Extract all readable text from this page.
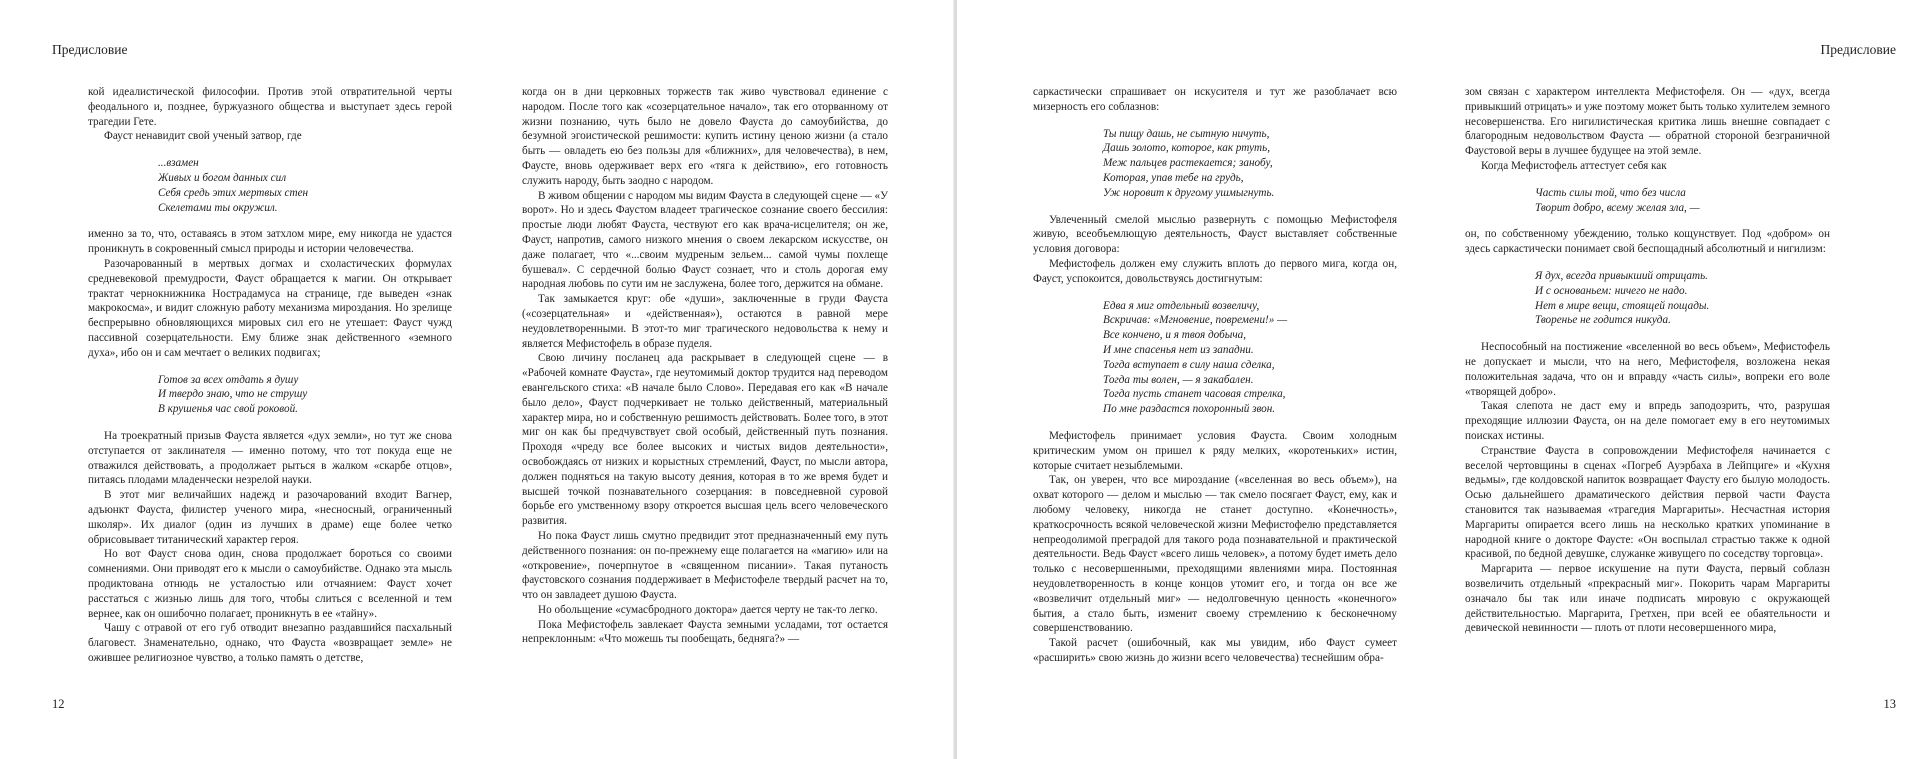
Предисловие

кой идеалистической философии. Против этой отвратительной черты феодального и, позднее, буржуазного общества и выступает здесь герой трагедии Гете.

Фауст ненавидит свой ученый затвор, где

...взамен
Живых и богом данных сил
Себя средь этих мертвых стен
Скелетами ты окружил.

именно за то, что, оставаясь в этом затхлом мире, ему никогда не удастся проникнуть в сокровенный смысл природы и истории человечества.

Разочарованный в мертвых догмах и схоластических формулах средневековой премудрости, Фауст обращается к магии. Он открывает трактат чернокнижника Нострадамуса на странице, где выведен «знак макрокосма», и видит сложную работу механизма мироздания. Но зрелище беспрерывно обновляющихся мировых сил его не утешает: Фауст чужд пассивной созерцательности. Ему ближе знак действенного «земного духа», ибо он и сам мечтает о великих подвигах;

Готов за всех отдать я душу
И твердо знаю, что не струшу
В крушенья час свой роковой.

На троекратный призыв Фауста является «дух земли», но тут же снова отступается от заклинателя — именно потому, что тот покуда еще не отважился действовать, а продолжает рыться в жалком «скарбе отцов», питаясь плодами младенчески незрелой науки.

В этот миг величайших надежд и разочарований входит Вагнер, адъюнкт Фауста, филистер ученого мира, «несносный, ограниченный школяр». Их диалог (один из лучших в драме) еще более четко обрисовывает титанический характер героя.

Но вот Фауст снова один, снова продолжает бороться со своими сомнениями. Они приводят его к мысли о самоубийстве. Однако эта мысль продиктована отнюдь не усталостью или отчаянием: Фауст хочет расстаться с жизнью лишь для того, чтобы слиться с вселенной и тем вернее, как он ошибочно полагает, проникнуть в ее «тайну».

Чашу с отравой от его губ отводит внезапно раздавшийся пасхальный благовест. Знаменательно, однако, что Фауста «возвращает земле» не ожившее религиозное чувство, а только память о детстве,

когда он в дни церковных торжеств так живо чувствовал единение с народом. После того как «созерцательное начало», так его оторванному от жизни познанию, чуть было не довело Фауста до самоубийства, до безумной эгоистической решимости: купить истину ценою жизни (а стало быть — овладеть ею без пользы для «ближних», для человечества), в нем, Фаусте, вновь одерживает верх его «тяга к действию», его готовность служить народу, быть заодно с народом.

В живом общении с народом мы видим Фауста в следующей сцене — «У ворот». Но и здесь Фаустом владеет трагическое сознание своего бессилия: простые люди любят Фауста, чествуют его как врача-исцелителя; он же, Фауст, напротив, самого низкого мнения о своем лекарском искусстве, он даже полагает, что «...своим мудреным зельем... самой чумы похлеще бушевал». С сердечной болью Фауст сознает, что и столь дорогая ему народная любовь по сути им не заслужена, более того, держится на обмане.

Так замыкается круг: обе «души», заключенные в груди Фауста («созерцательная» и «действенная»), остаются в равной мере неудовлетворенными. В этот-то миг трагического недовольства к нему и является Мефистофель в образе пуделя.

Свою личину посланец ада раскрывает в следующей сцене — в «Рабочей комнате Фауста», где неутомимый доктор трудится над переводом евангельского стиха: «В начале было Слово». Передавая его как «В начале было дело», Фауст подчеркивает не только действенный, материальный характер мира, но и собственную решимость действовать. Более того, в этот миг он как бы предчувствует свой особый, действенный путь познания. Проходя «чреду все более высоких и чистых видов деятельности», освобождаясь от низких и корыстных стремлений, Фауст, по мысли автора, должен подняться на такую высоту деяния, которая в то же время будет и высшей точкой познавательного созерцания: в повседневной суровой борьбе его умственному взору откроется высшая цель всего человеческого развития.

Но пока Фауст лишь смутно предвидит этот предназначенный ему путь действенного познания: он по-прежнему еще полагается на «магию» или на «откровение», почерпнутое в «священном писании». Такая путаность фаустовского сознания поддерживает в Мефистофеле твердый расчет на то, что он завладеет душою Фауста.

Но обольщение «сумасбродного доктора» дается черту не так-то легко.

Пока Мефистофель завлекает Фауста земными усладами, тот остается непреклонным: «Что можешь ты пообещать, бедняга?» —

12
Предисловие

саркастически спрашивает он искусителя и тут же разоблачает всю мизерность его соблазнов:

Ты пищу дашь, не сытную ничуть,
Дашь золото, которое, как ртуть,
Меж пальцев растекается; занобу,
Которая, упав тебе на грудь,
Уж норовит к другому ушмыгнуть.

Увлеченный смелой мыслью развернуть с помощью Мефистофеля живую, всеобъемлющую деятельность, Фауст выставляет собственные условия договора:

Мефистофель должен ему служить вплоть до первого мига, когда он, Фауст, успокоится, довольствуясь достигнутым:

Едва я миг отдельный возвеличу,
Вскричав: «Мгновение, повремени!» —
Все кончено, и я твоя добыча,
И мне спасенья нет из западни.
Тогда вступает в силу наша сделка,
Тогда ты волен, — я закабален.
Тогда пусть станет часовая стрелка,
По мне раздастся похоронный звон.

Мефистофель принимает условия Фауста. Своим холодным критическим умом он пришел к ряду мелких, «коротеньких» истин, которые считает незыблемыми.

Так, он уверен, что все мироздание («вселенная во весь объем»), на охват которого — делом и мыслью — так смело посягает Фауст, ему, как и любому человеку, никогда не станет доступно. «Конечность», краткосрочность всякой человеческой жизни Мефистофелю представляется непреодолимой преградой для такого рода познавательной и практической деятельности. Ведь Фауст «всего лишь человек», а потому будет иметь дело только с несовершенными, преходящими явлениями мира. Постоянная неудовлетворенность в конце концов утомит его, и тогда он все же «возвеличит отдельный миг» — недолговечную ценность «конечного» бытия, а стало быть, изменит своему стремлению к бесконечному совершенствованию.

Такой расчет (ошибочный, как мы увидим, ибо Фауст сумеет «расширить» свою жизнь до жизни всего человечества) теснейшим обра-

зом связан с характером интеллекта Мефистофеля. Он — «дух, всегда привыкший отрицать» и уже поэтому может быть только хулителем земного несовершенства. Его нигилистическая критика лишь внешне совпадает с благородным недовольством Фауста — обратной стороной безграничной Фаустовой веры в лучшее будущее на этой земле.

Когда Мефистофель аттестует себя как

Часть силы той, что без числа
Творит добро, всему желая зла, —

он, по собственному убеждению, только кощунствует. Под «добром» он здесь саркастически понимает свой беспощадный абсолютный и нигилизм:

Я дух, всегда привыкший отрицать.
И с основаньем: ничего не надо.
Нет в мире вещи, стоящей пощады.
Творенье не годится никуда.

Неспособный на постижение «вселенной во весь объем», Мефистофель не допускает и мысли, что на него, Мефистофеля, возложена некая положительная задача, что он и вправду «часть силы», вопреки его воле «творящей добро».

Такая слепота не даст ему и впредь заподозрить, что, разрушая преходящие иллюзии Фауста, он на деле помогает ему в его неутомимых поисках истины.

Странствие Фауста в сопровождении Мефистофеля начинается с веселой чертовщины в сценах «Погреб Ауэрбаха в Лейпциге» и «Кухня ведьмы», где колдовской напиток возвращает Фаусту его былую молодость. Осью дальнейшего драматического действия первой части Фауста становится так называемая «трагедия Маргариты». Несчастная история Маргариты опирается всего лишь на несколько кратких упоминание в народной книге о докторе Фаусте: «Он воспылал страстью также к одной красивой, по бедной девушке, служанке живущего по соседству торговца».

Маргарита — первое искушение на пути Фауста, первый соблазн возвеличить отдельный «прекрасный миг». Покорить чарам Маргариты означало бы так или иначе подписать мировую с окружающей действительностью. Маргарита, Гретхен, при всей ее обаятельности и девической невинности — плоть от плоти несовершенного мира,

13
